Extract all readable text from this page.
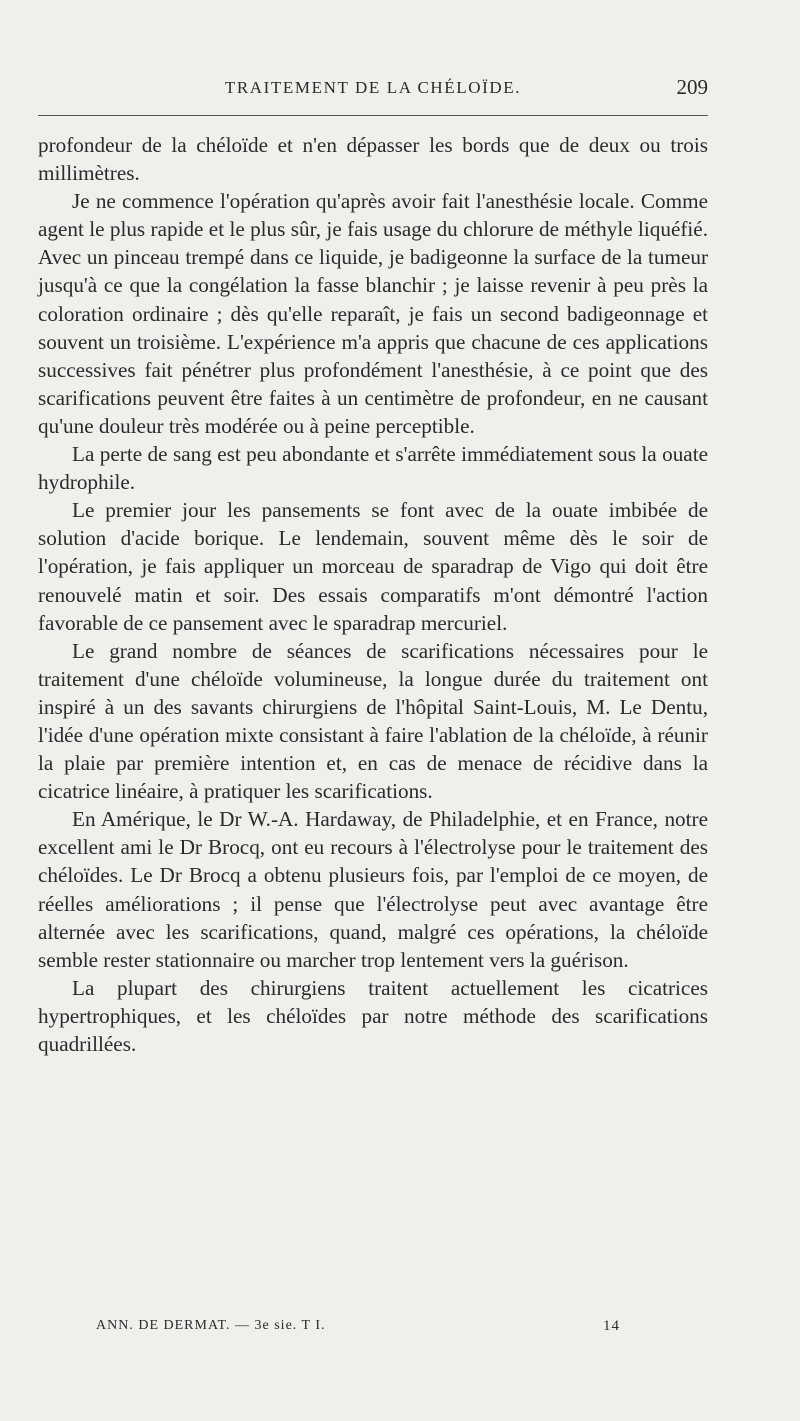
TRAITEMENT DE LA CHÉLOÏDE.	209

profondeur de la chéloïde et n'en dépasser les bords que de deux ou trois millimètres.

Je ne commence l'opération qu'après avoir fait l'anesthésie locale. Comme agent le plus rapide et le plus sûr, je fais usage du chlorure de méthyle liquéfié. Avec un pinceau trempé dans ce liquide, je badigeonne la surface de la tumeur jusqu'à ce que la congélation la fasse blanchir ; je laisse revenir à peu près la coloration ordinaire ; dès qu'elle reparaît, je fais un second badigeonnage et souvent un troisième. L'expérience m'a appris que chacune de ces applications successives fait pénétrer plus profondément l'anesthésie, à ce point que des scarifications peuvent être faites à un centimètre de profondeur, en ne causant qu'une douleur très modérée ou à peine perceptible.

La perte de sang est peu abondante et s'arrête immédiatement sous la ouate hydrophile.

Le premier jour les pansements se font avec de la ouate imbibée de solution d'acide borique. Le lendemain, souvent même dès le soir de l'opération, je fais appliquer un morceau de sparadrap de Vigo qui doit être renouvelé matin et soir. Des essais comparatifs m'ont démontré l'action favorable de ce pansement avec le sparadrap mercuriel.

Le grand nombre de séances de scarifications nécessaires pour le traitement d'une chéloïde volumineuse, la longue durée du traitement ont inspiré à un des savants chirurgiens de l'hôpital Saint-Louis, M. Le Dentu, l'idée d'une opération mixte consistant à faire l'ablation de la chéloïde, à réunir la plaie par première intention et, en cas de menace de récidive dans la cicatrice linéaire, à pratiquer les scarifications.

En Amérique, le Dr W.-A. Hardaway, de Philadelphie, et en France, notre excellent ami le Dr Brocq, ont eu recours à l'électrolyse pour le traitement des chéloïdes. Le Dr Brocq a obtenu plusieurs fois, par l'emploi de ce moyen, de réelles améliorations ; il pense que l'électrolyse peut avec avantage être alternée avec les scarifications, quand, malgré ces opérations, la chéloïde semble rester stationnaire ou marcher trop lentement vers la guérison.

La plupart des chirurgiens traitent actuellement les cicatrices hypertrophiques, et les chéloïdes par notre méthode des scarifications quadrillées.

ANN. DE DERMAT. — 3e sie. T I.	14
